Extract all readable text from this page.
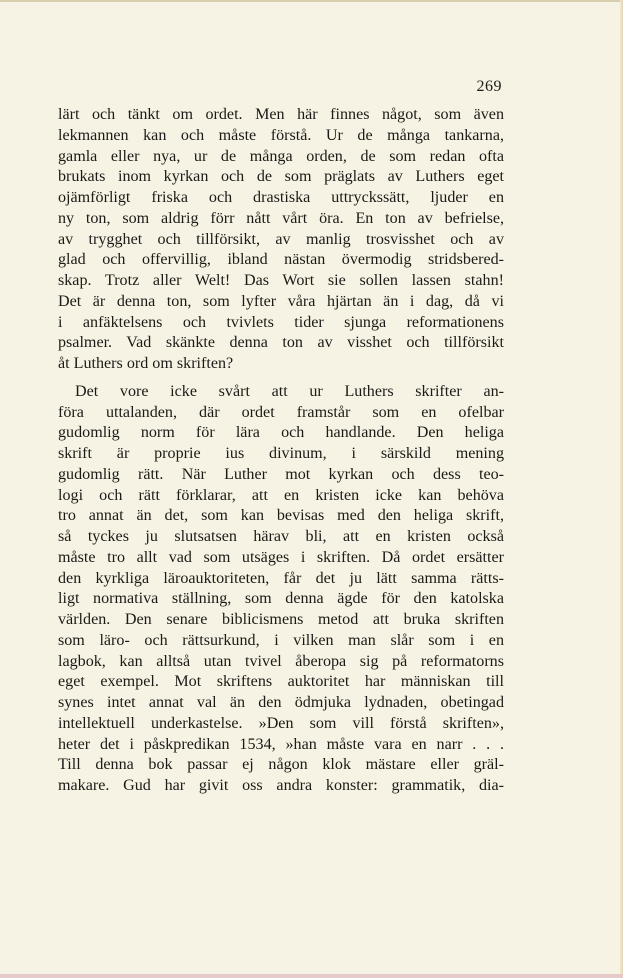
269
lärt och tänkt om ordet. Men här finnes något, som även
lekmannen kan och måste förstå. Ur de många tankarna,
gamla eller nya, ur de många orden, de som redan ofta
brukats inom kyrkan och de som präglats av Luthers eget
ojämförligt friska och drastiska uttryckssätt, ljuder en
ny ton, som aldrig förr nått vårt öra. En ton av befrielse,
av trygghet och tillförsikt, av manlig trosvisshet och av
glad och offervillig, ibland nästan övermodig stridsbered-
skap. Trotz aller Welt! Das Wort sie sollen lassen stahn!
Det är denna ton, som lyfter våra hjärtan än i dag, då vi
i anfäktelsens och tvivlets tider sjunga reformationens
psalmer. Vad skänkte denna ton av visshet och tillförsikt
åt Luthers ord om skriften?
Det vore icke svårt att ur Luthers skrifter an-
föra uttalanden, där ordet framstår som en ofelbar
gudomlig norm för lära och handlande. Den heliga
skrift är proprie ius divinum, i särskild mening
gudomlig rätt. När Luther mot kyrkan och dess teo-
logi och rätt förklarar, att en kristen icke kan behöva
tro annat än det, som kan bevisas med den heliga skrift,
så tyckes ju slutsatsen härav bli, att en kristen också
måste tro allt vad som utsäges i skriften. Då ordet ersätter
den kyrkliga läroauktoriteten, får det ju lätt samma rätts-
ligt normativa ställning, som denna ägde för den katolska
världen. Den senare biblicismens metod att bruka skriften
som läro- och rättsurkund, i vilken man slår som i en
lagbok, kan alltså utan tvivel åberopa sig på reformatorns
eget exempel. Mot skriftens auktoritet har människan till
synes intet annat val än den ödmjuka lydnaden, obetingad
intellektuell underkastelse. »Den som vill förstå skriften»,
heter det i påskpredikan 1534, »han måste vara en narr . . .
Till denna bok passar ej någon klok mästare eller gräl-
makare. Gud har givit oss andra konster: grammatik, dia-
